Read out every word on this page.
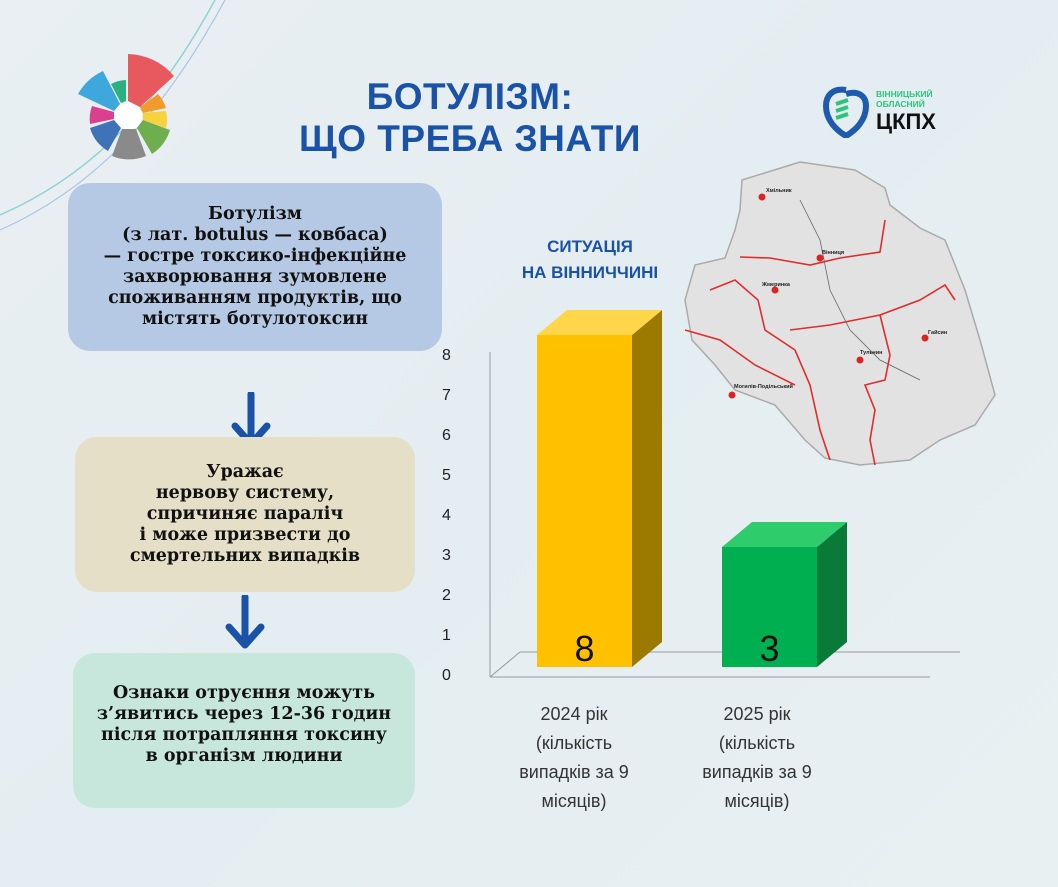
БОТУЛІЗМ:
ЩО ТРЕБА ЗНАТИ
ВІННИЦЬКИЙ
ОБЛАСНИЙ
ЦКПХ
Ботулізм
(з лат. botulus — ковбаса)
— гостре токсико-інфекційне
захворювання зумовлене
споживанням продуктів, що
містять ботулотоксин
Уражає
нервову систему,
спричиняє параліч
і може призвести до
смертельних випадків
Ознаки отруєння можуть
з’явитись через 12-36 годин
після потрапляння токсину
в організм людини
СИТУАЦІЯ
НА ВІННИЧЧИНІ
Хмільник
Вінниця
Жмеринка
Могилів-Подільський
Тульчин
Гайсин
8	3
0
1
2
3
4
5
6
7
8
2024 рік
(кількість
випадків за 9
місяців)
2025 рік
(кількість
випадків за 9
місяців)
